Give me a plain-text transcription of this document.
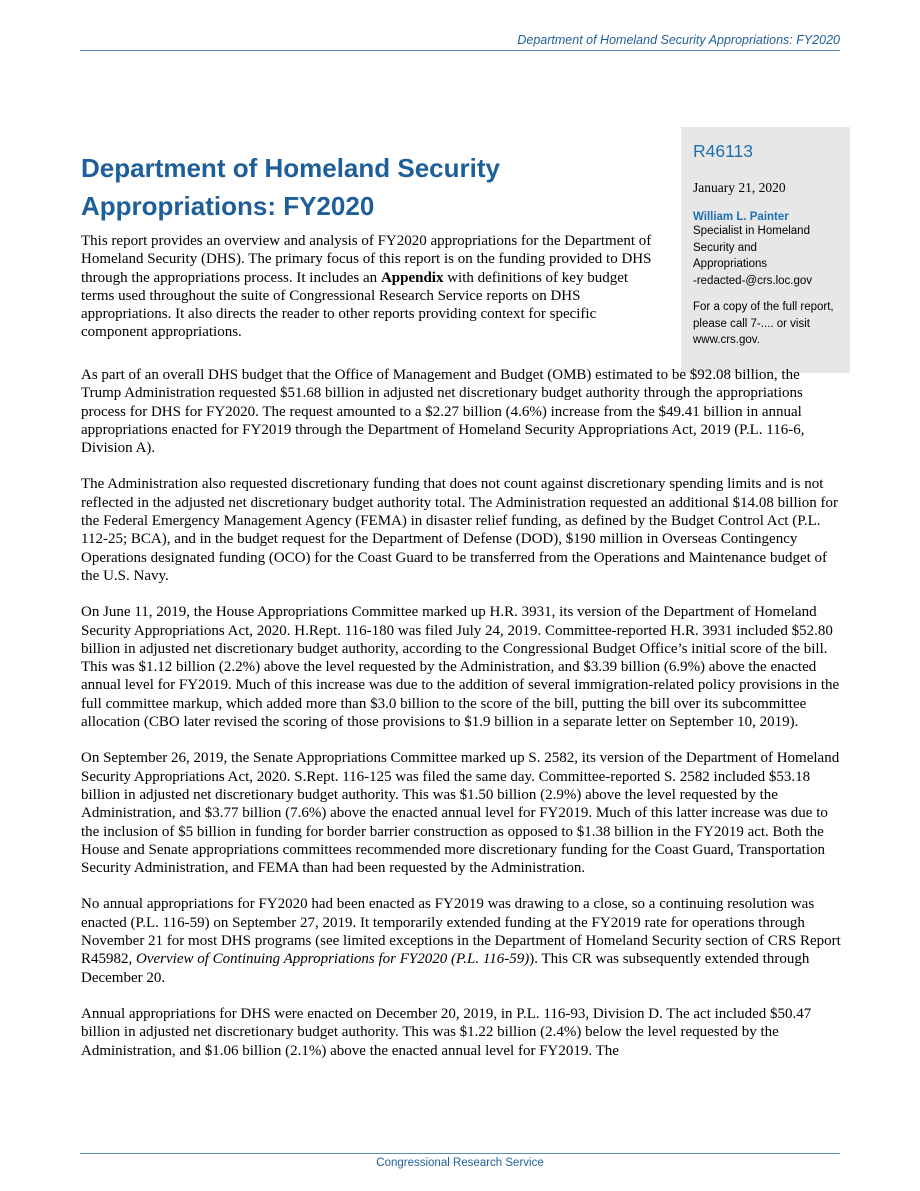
Department of Homeland Security Appropriations: FY2020
R46113
January 21, 2020
William L. Painter
Specialist in Homeland
Security and
Appropriations
-redacted-@crs.loc.gov
For a copy of the full report,
please call 7-.... or visit
www.crs.gov.
Department of Homeland Security Appropriations: FY2020

This report provides an overview and analysis of FY2020 appropriations for the Department of Homeland Security (DHS). The primary focus of this report is on the funding provided to DHS through the appropriations process. It includes an Appendix with definitions of key budget terms used throughout the suite of Congressional Research Service reports on DHS appropriations. It also directs the reader to other reports providing context for specific component appropriations.

As part of an overall DHS budget that the Office of Management and Budget (OMB) estimated to be $92.08 billion, the Trump Administration requested $51.68 billion in adjusted net discretionary budget authority through the appropriations process for DHS for FY2020. The request amounted to a $2.27 billion (4.6%) increase from the $49.41 billion in annual appropriations enacted for FY2019 through the Department of Homeland Security Appropriations Act, 2019 (P.L. 116-6, Division A).

The Administration also requested discretionary funding that does not count against discretionary spending limits and is not reflected in the adjusted net discretionary budget authority total. The Administration requested an additional $14.08 billion for the Federal Emergency Management Agency (FEMA) in disaster relief funding, as defined by the Budget Control Act (P.L. 112-25; BCA), and in the budget request for the Department of Defense (DOD), $190 million in Overseas Contingency Operations designated funding (OCO) for the Coast Guard to be transferred from the Operations and Maintenance budget of the U.S. Navy.

On June 11, 2019, the House Appropriations Committee marked up H.R. 3931, its version of the Department of Homeland Security Appropriations Act, 2020. H.Rept. 116-180 was filed July 24, 2019. Committee-reported H.R. 3931 included $52.80 billion in adjusted net discretionary budget authority, according to the Congressional Budget Office’s initial score of the bill. This was $1.12 billion (2.2%) above the level requested by the Administration, and $3.39 billion (6.9%) above the enacted annual level for FY2019. Much of this increase was due to the addition of several immigration-related policy provisions in the full committee markup, which added more than $3.0 billion to the score of the bill, putting the bill over its subcommittee allocation (CBO later revised the scoring of those provisions to $1.9 billion in a separate letter on September 10, 2019).

On September 26, 2019, the Senate Appropriations Committee marked up S. 2582, its version of the Department of Homeland Security Appropriations Act, 2020. S.Rept. 116-125 was filed the same day. Committee-reported S. 2582 included $53.18 billion in adjusted net discretionary budget authority. This was $1.50 billion (2.9%) above the level requested by the Administration, and $3.77 billion (7.6%) above the enacted annual level for FY2019. Much of this latter increase was due to the inclusion of $5 billion in funding for border barrier construction as opposed to $1.38 billion in the FY2019 act. Both the House and Senate appropriations committees recommended more discretionary funding for the Coast Guard, Transportation Security Administration, and FEMA than had been requested by the Administration.

No annual appropriations for FY2020 had been enacted as FY2019 was drawing to a close, so a continuing resolution was enacted (P.L. 116-59) on September 27, 2019. It temporarily extended funding at the FY2019 rate for operations through November 21 for most DHS programs (see limited exceptions in the Department of Homeland Security section of CRS Report R45982, Overview of Continuing Appropriations for FY2020 (P.L. 116-59)). This CR was subsequently extended through December 20.

Annual appropriations for DHS were enacted on December 20, 2019, in P.L. 116-93, Division D. The act included $50.47 billion in adjusted net discretionary budget authority. This was $1.22 billion (2.4%) below the level requested by the Administration, and $1.06 billion (2.1%) above the enacted annual level for FY2019. The

Congressional Research Service
